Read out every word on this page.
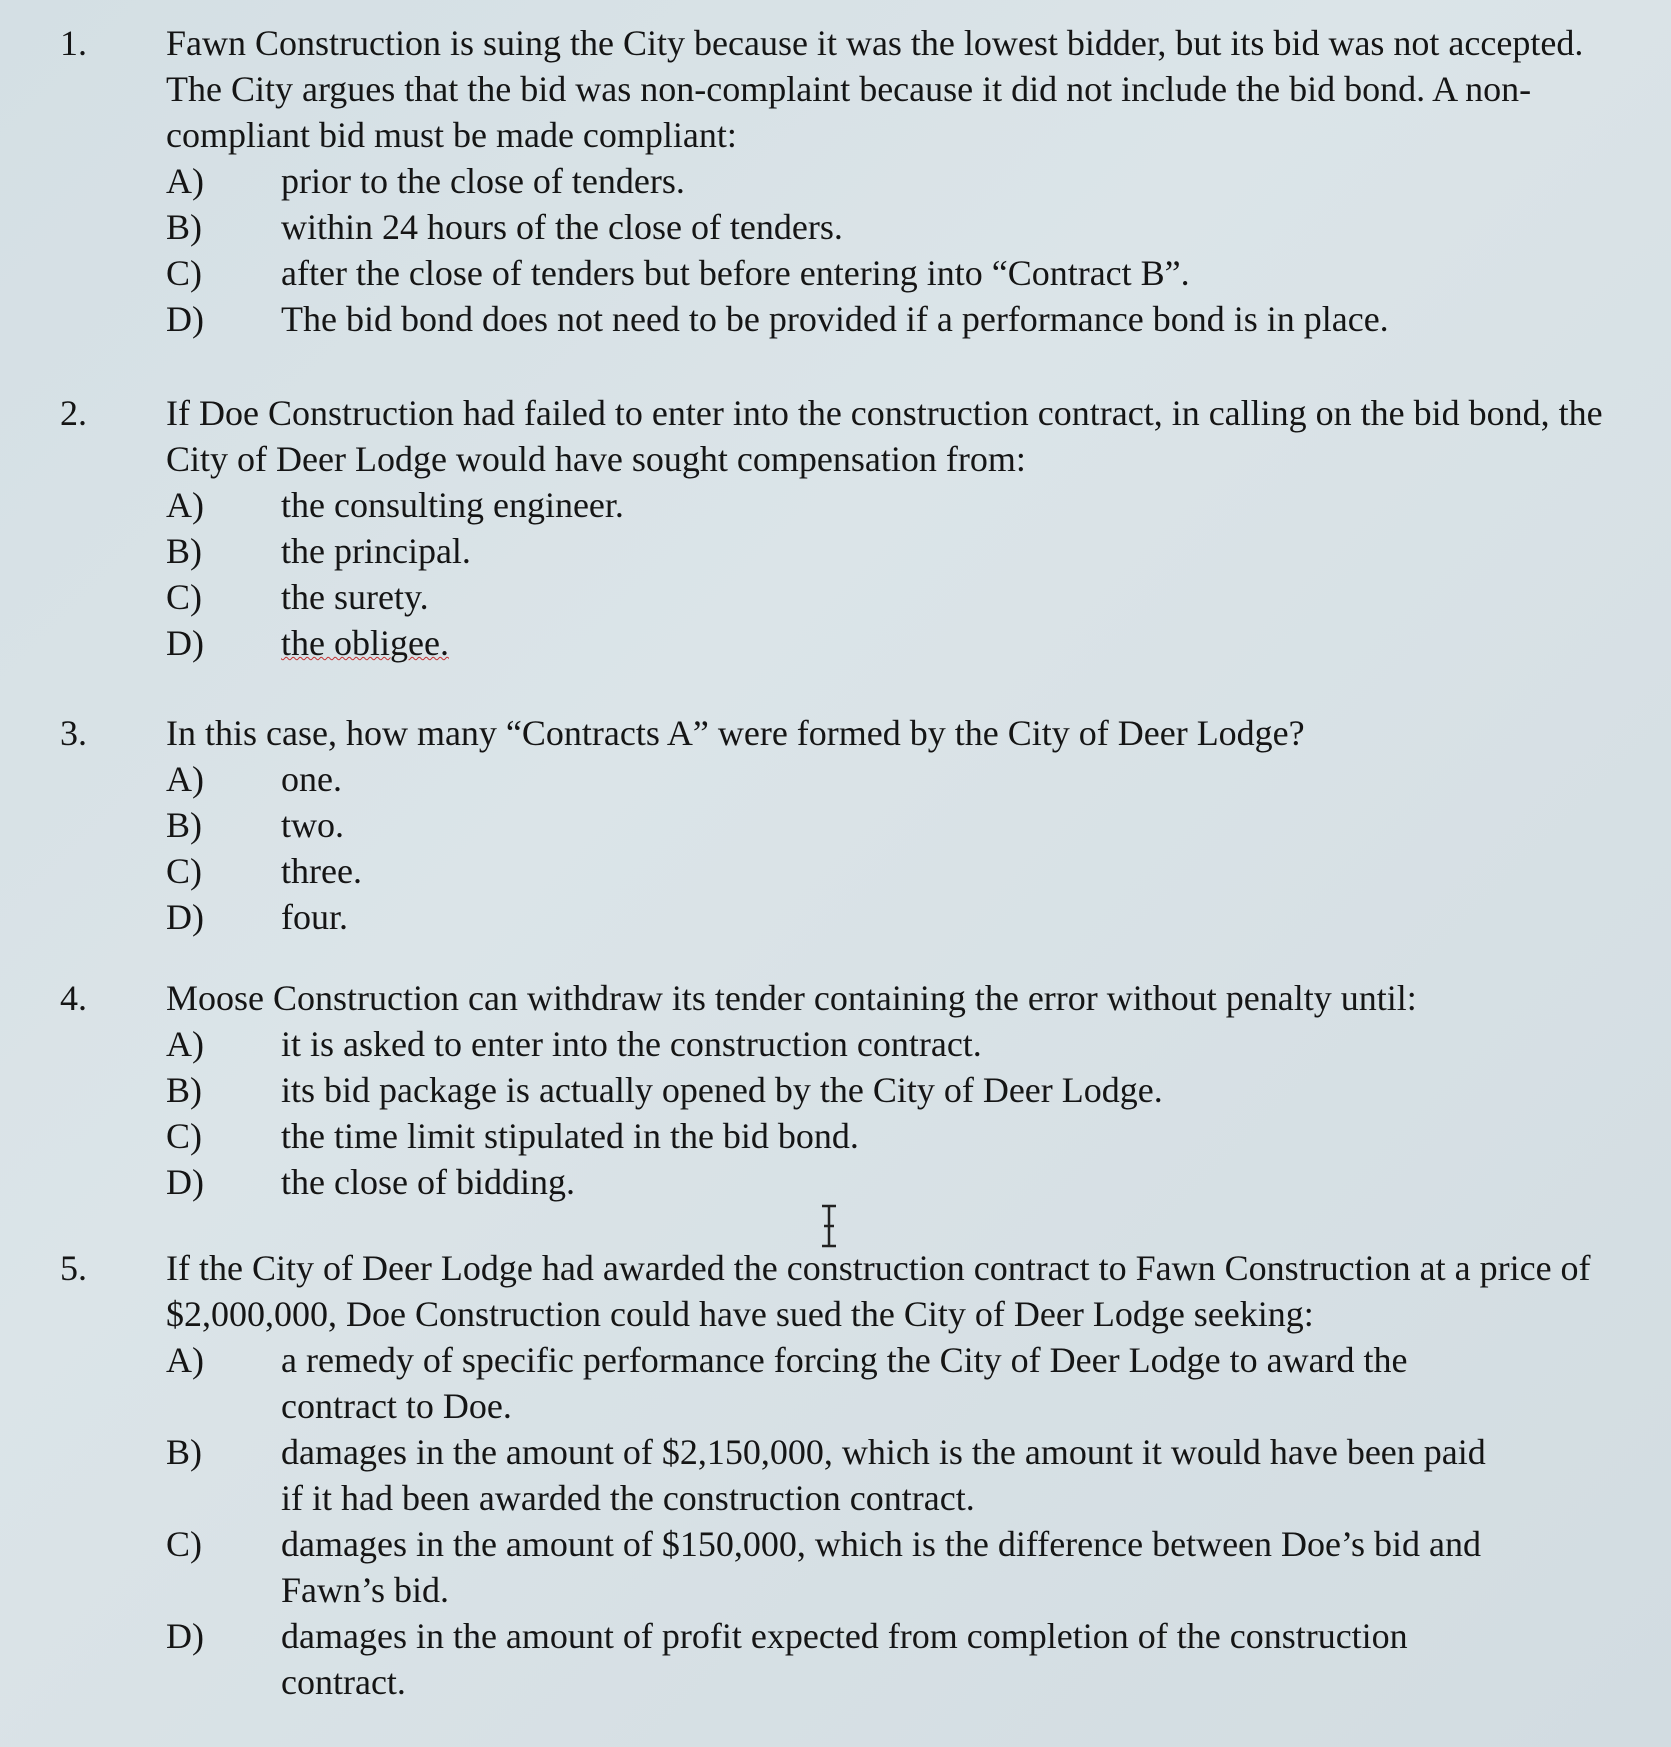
1. Fawn Construction is suing the City because it was the lowest bidder, but its bid was not accepted. The City argues that the bid was non-complaint because it did not include the bid bond. A non-compliant bid must be made compliant:
A) prior to the close of tenders.
B) within 24 hours of the close of tenders.
C) after the close of tenders but before entering into “Contract B”.
D) The bid bond does not need to be provided if a performance bond is in place.
2. If Doe Construction had failed to enter into the construction contract, in calling on the bid bond, the City of Deer Lodge would have sought compensation from:
A) the consulting engineer.
B) the principal.
C) the surety.
D) the obligee.
3. In this case, how many “Contracts A” were formed by the City of Deer Lodge?
A) one.
B) two.
C) three.
D) four.
4. Moose Construction can withdraw its tender containing the error without penalty until:
A) it is asked to enter into the construction contract.
B) its bid package is actually opened by the City of Deer Lodge.
C) the time limit stipulated in the bid bond.
D) the close of bidding.
5. If the City of Deer Lodge had awarded the construction contract to Fawn Construction at a price of $2,000,000, Doe Construction could have sued the City of Deer Lodge seeking:
A) a remedy of specific performance forcing the City of Deer Lodge to award the contract to Doe.
B) damages in the amount of $2,150,000, which is the amount it would have been paid if it had been awarded the construction contract.
C) damages in the amount of $150,000, which is the difference between Doe’s bid and Fawn’s bid.
D) damages in the amount of profit expected from completion of the construction contract.
